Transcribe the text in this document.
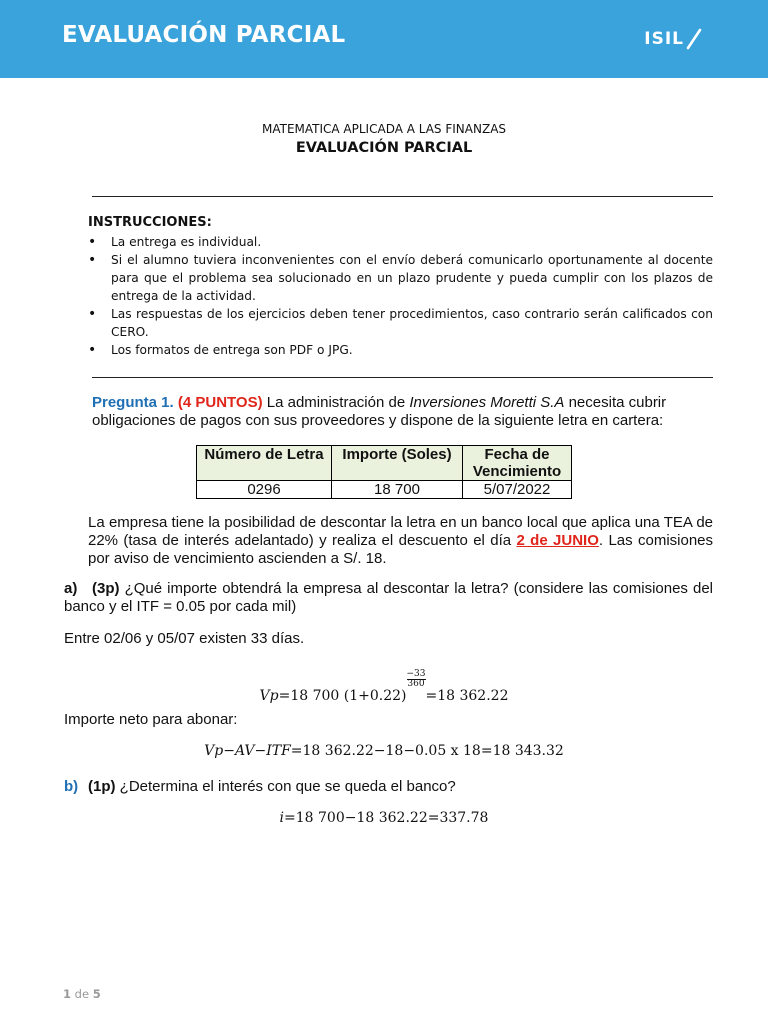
EVALUACIÓN PARCIAL	ISIL
MATEMATICA APLICADA A LAS FINANZAS
EVALUACIÓN PARCIAL
INSTRUCCIONES:
• La entrega es individual.
• Si el alumno tuviera inconvenientes con el envío deberá comunicarlo oportunamente al docente para que el problema sea solucionado en un plazo prudente y pueda cumplir con los plazos de entrega de la actividad.
• Las respuestas de los ejercicios deben tener procedimientos, caso contrario serán calificados con CERO.
• Los formatos de entrega son PDF o JPG.
Pregunta 1. (4 PUNTOS) La administración de Inversiones Moretti S.A necesita cubrir obligaciones de pagos con sus proveedores y dispone de la siguiente letra en cartera:
Número de Letra	Importe (Soles)	Fecha de Vencimiento
0296	18 700	5/07/2022
La empresa tiene la posibilidad de descontar la letra en un banco local que aplica una TEA de 22% (tasa de interés adelantado) y realiza el descuento el día 2 de JUNIO. Las comisiones por aviso de vencimiento ascienden a S/. 18.
a) (3p) ¿Qué importe obtendrá la empresa al descontar la letra? (considere las comisiones del banco y el ITF = 0.05 por cada mil)
Entre 02/06 y 05/07 existen 33 días.
Vp=18 700 (1+0.22)
$\frac{-33}{360}$
=18 362.22
Importe neto para abonar:
Vp−AV−ITF=18 362.22−18−0.05 x 18=18 343.32
b) (1p) ¿Determina el interés con que se queda el banco?
i=18 700−18 362.22=337.78
1 de 5
